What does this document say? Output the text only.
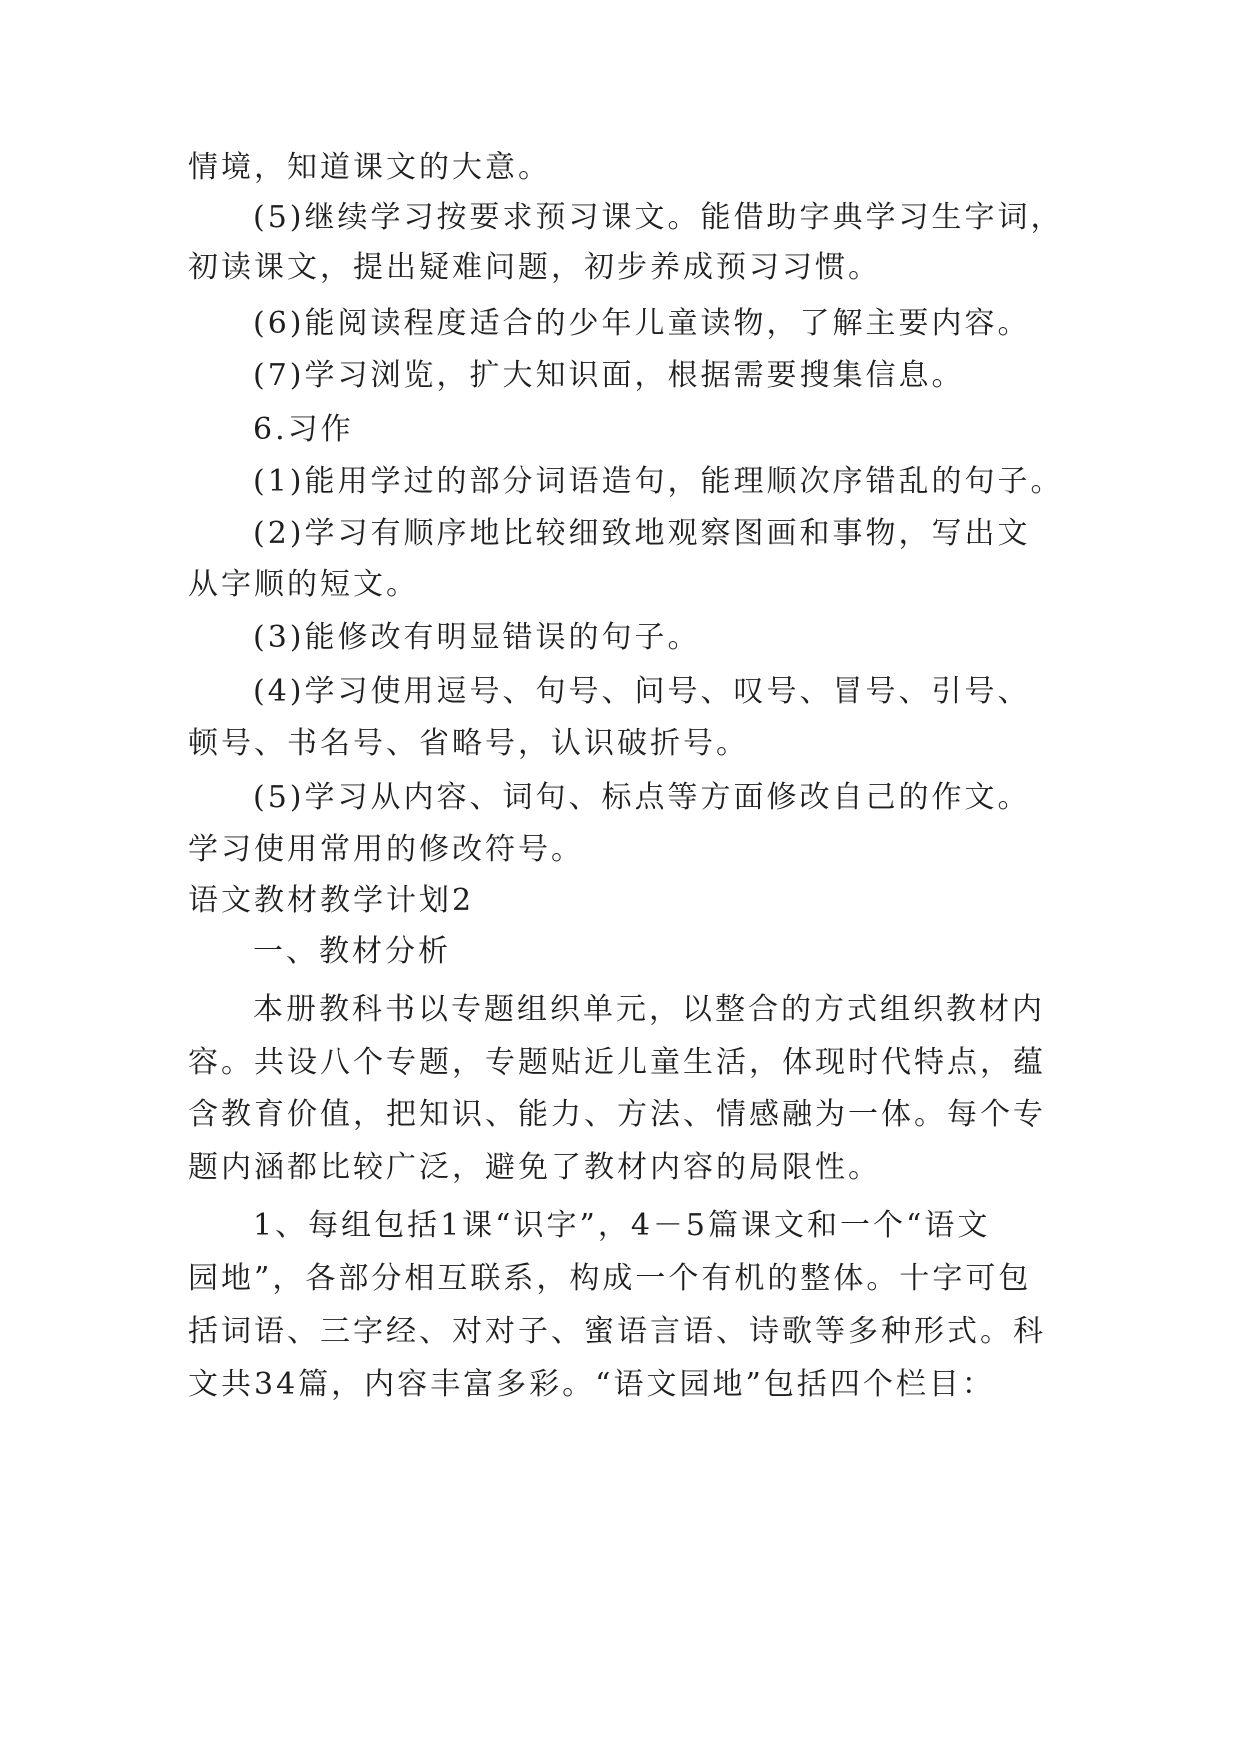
情境，知道课文的大意。
(5)继续学习按要求预习课文。能借助字典学习生字词，
初读课文，提出疑难问题，初步养成预习习惯。
(6)能阅读程度适合的少年儿童读物，了解主要内容。
(7)学习浏览，扩大知识面，根据需要搜集信息。
6.习作
(1)能用学过的部分词语造句，能理顺次序错乱的句子。
(2)学习有顺序地比较细致地观察图画和事物，写出文
从字顺的短文。
(3)能修改有明显错误的句子。
(4)学习使用逗号、句号、问号、叹号、冒号、引号、
顿号、书名号、省略号，认识破折号。
(5)学习从内容、词句、标点等方面修改自己的作文。
学习使用常用的修改符号。
语文教材教学计划2
一、教材分析
本册教科书以专题组织单元，以整合的方式组织教材内
容。共设八个专题，专题贴近儿童生活，体现时代特点，蕴
含教育价值，把知识、能力、方法、情感融为一体。每个专
题内涵都比较广泛，避免了教材内容的局限性。
1、每组包括1课“识字”，4－5篇课文和一个“语文
园地”，各部分相互联系，构成一个有机的整体。十字可包
括词语、三字经、对对子、蜜语言语、诗歌等多种形式。科
文共34篇，内容丰富多彩。“语文园地”包括四个栏目：
